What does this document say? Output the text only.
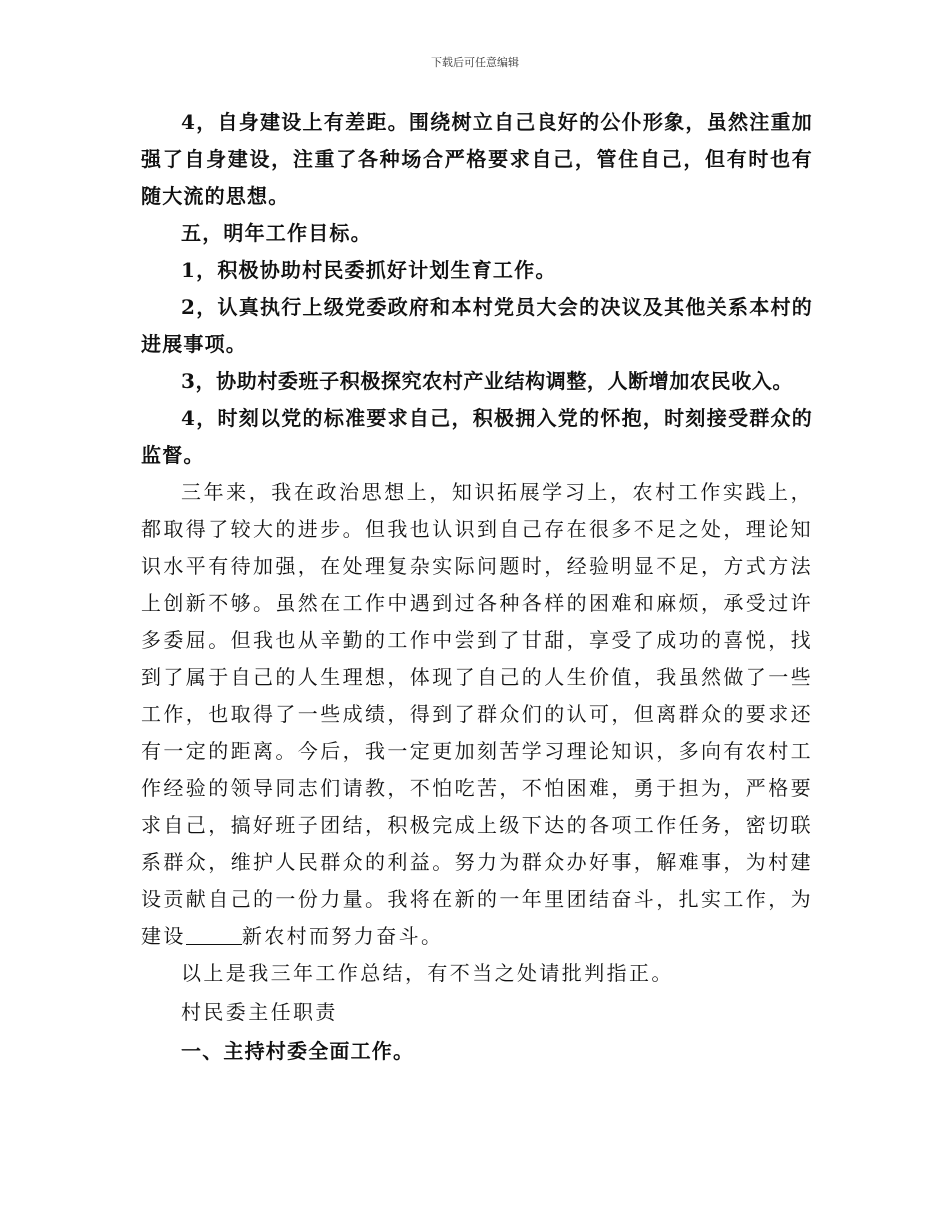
下载后可任意编辑

4，自身建设上有差距。围绕树立自己良好的公仆形象，虽然注重加强了自身建设，注重了各种场合严格要求自己，管住自己，但有时也有随大流的思想。

五，明年工作目标。

1，积极协助村民委抓好计划生育工作。

2，认真执行上级党委政府和本村党员大会的决议及其他关系本村的进展事项。

3，协助村委班子积极探究农村产业结构调整，人断增加农民收入。

4，时刻以党的标准要求自己，积极拥入党的怀抱，时刻接受群众的监督。

三年来，我在政治思想上，知识拓展学习上，农村工作实践上，都取得了较大的进步。但我也认识到自己存在很多不足之处，理论知识水平有待加强，在处理复杂实际问题时，经验明显不足，方式方法上创新不够。虽然在工作中遇到过各种各样的困难和麻烦，承受过许多委屈。但我也从辛勤的工作中尝到了甘甜，享受了成功的喜悦，找到了属于自己的人生理想，体现了自己的人生价值，我虽然做了一些工作，也取得了一些成绩，得到了群众们的认可，但离群众的要求还有一定的距离。今后，我一定更加刻苦学习理论知识，多向有农村工作经验的领导同志们请教，不怕吃苦，不怕困难，勇于担为，严格要求自己，搞好班子团结，积极完成上级下达的各项工作任务，密切联系群众，维护人民群众的利益。努力为群众办好事，解难事，为村建设贡献自己的一份力量。我将在新的一年里团结奋斗，扎实工作，为建设	新农村而努力奋斗。

以上是我三年工作总结，有不当之处请批判指正。

村民委主任职责

一、主持村委全面工作。
